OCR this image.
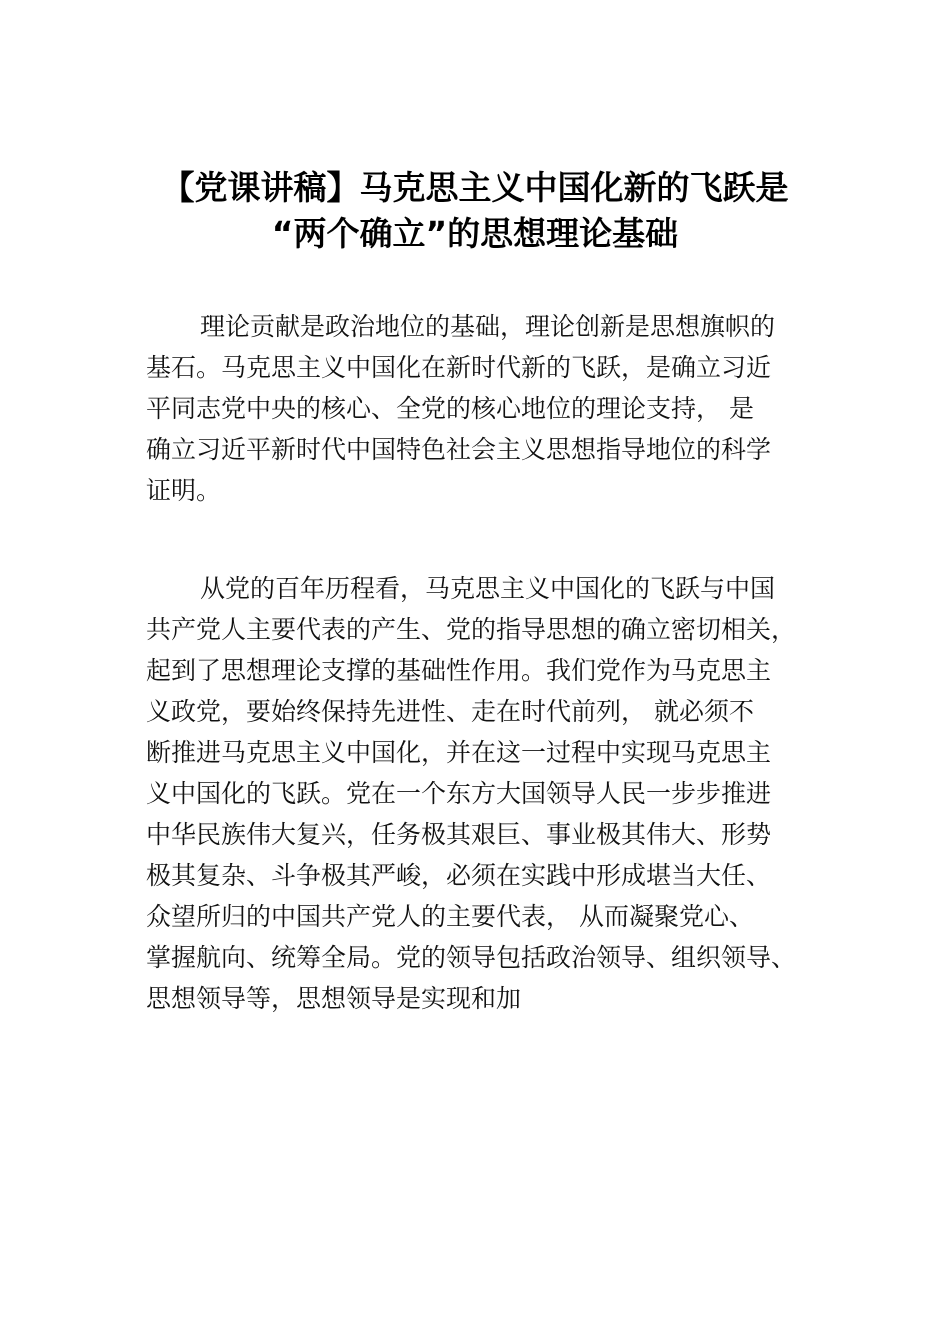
【党课讲稿】马克思主义中国化新的飞跃是
“两个确立”的思想理论基础
理论贡献是政治地位的基础，理论创新是思想旗帜的
基石。马克思主义中国化在新时代新的飞跃，是确立习近
平同志党中央的核心、全党的核心地位的理论支持， 是
确立习近平新时代中国特色社会主义思想指导地位的科学
证明。
从党的百年历程看，马克思主义中国化的飞跃与中国
共产党人主要代表的产生、党的指导思想的确立密切相关，
起到了思想理论支撑的基础性作用。我们党作为马克思主
义政党，要始终保持先进性、走在时代前列， 就必须不
断推进马克思主义中国化，并在这一过程中实现马克思主
义中国化的飞跃。党在一个东方大国领导人民一步步推进
中华民族伟大复兴，任务极其艰巨、事业极其伟大、形势
极其复杂、斗争极其严峻，必须在实践中形成堪当大任、
众望所归的中国共产党人的主要代表， 从而凝聚党心、
掌握航向、统筹全局。党的领导包括政治领导、组织领导、
思想领导等，思想领导是实现和加
